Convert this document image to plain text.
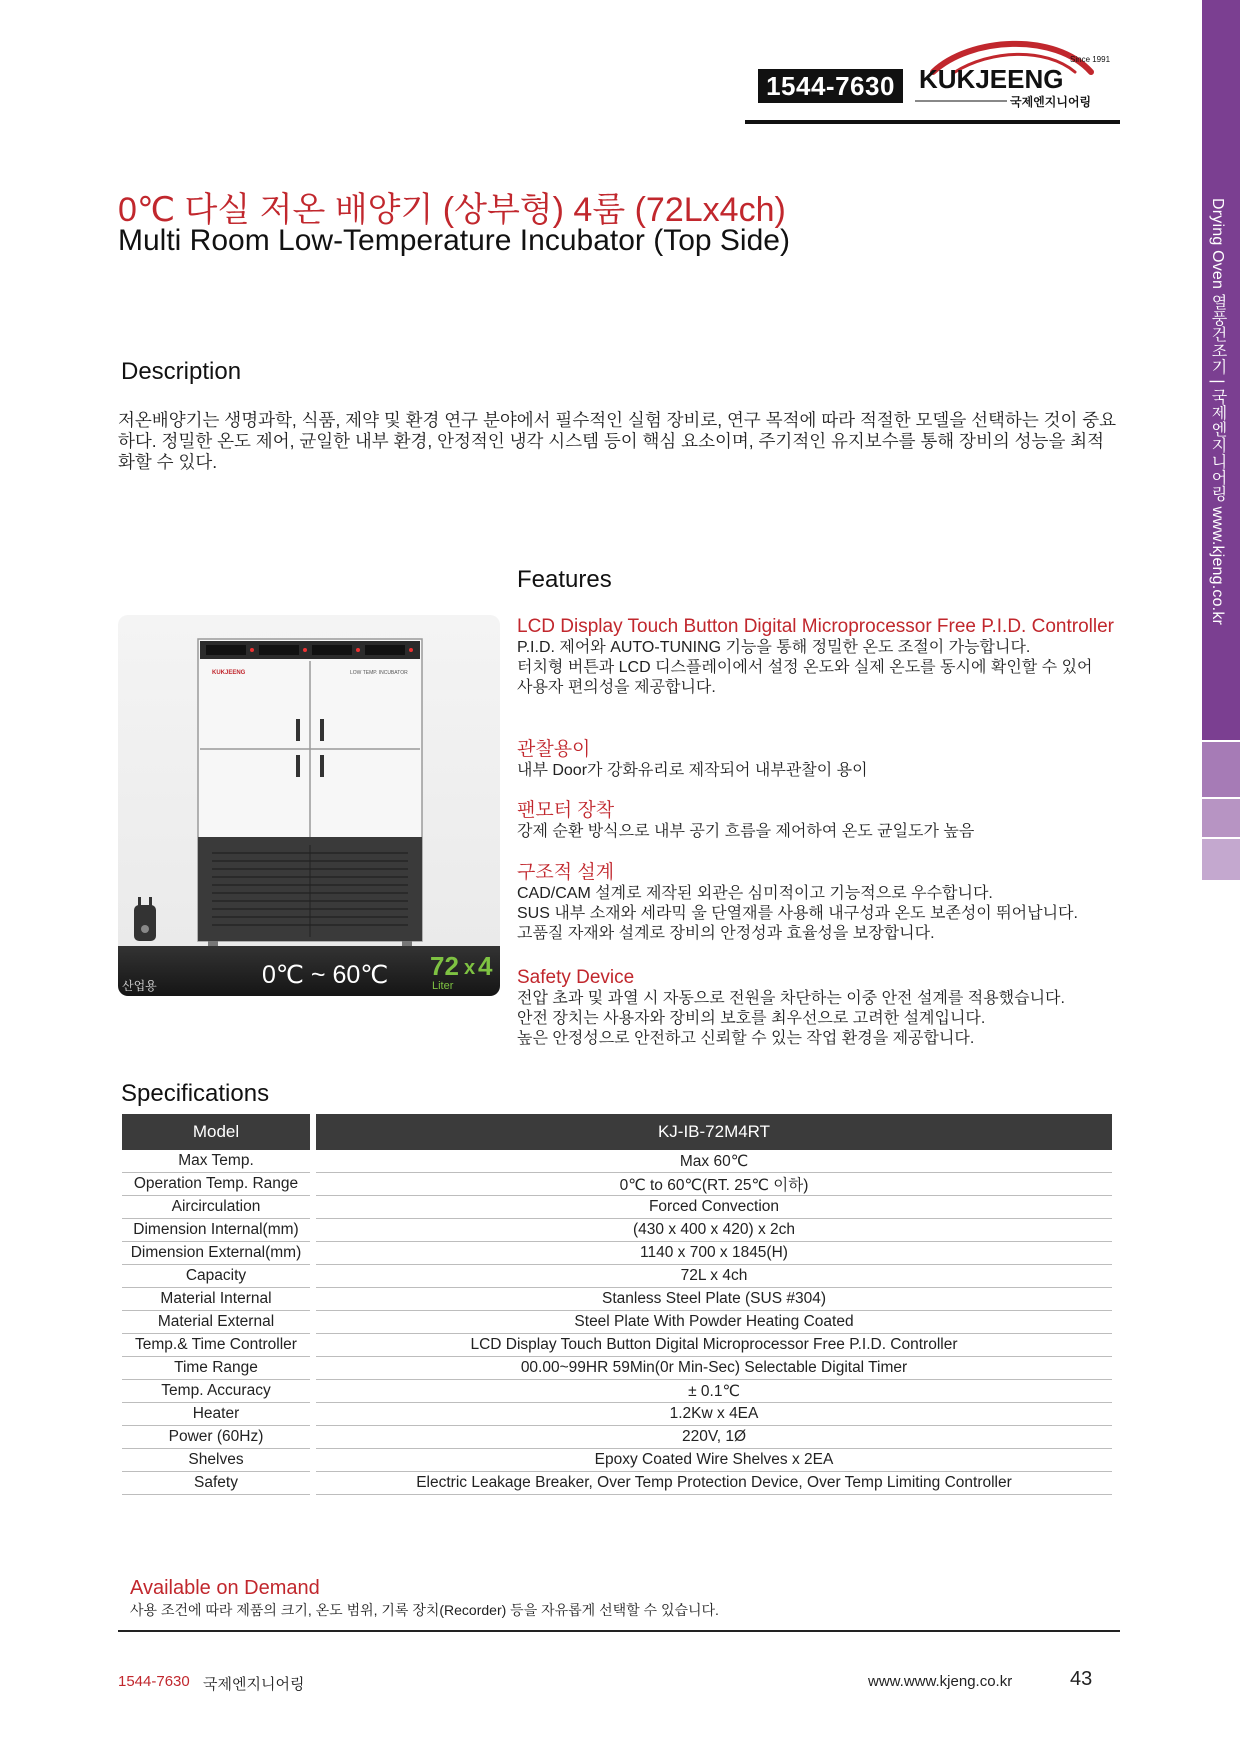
Drying Oven 열풍건조기 | 국제엔지니어링 www.kjeng.co.kr
1544-7630
Since 1991
KUKJEENG
국제엔지니어링
0℃ 다실 저온 배양기 (상부형) 4룸 (72Lx4ch)
Multi Room Low-Temperature Incubator (Top Side)
Description
저온배양기는 생명과학, 식품, 제약 및 환경 연구 분야에서 필수적인 실험 장비로, 연구 목적에 따라 적절한 모델을 선택하는 것이 중요하다. 정밀한 온도 제어, 균일한 내부 환경, 안정적인 냉각 시스템 등이 핵심 요소이며, 주기적인 유지보수를 통해 장비의 성능을 최적화할 수 있다.
KUKJEENG	LOW TEMP. INCUBATOR
산업용	0℃ ~ 60℃ 72 x 4
Liter
Features
LCD Display Touch Button Digital Microprocessor Free P.I.D. Controller
P.I.D. 제어와 AUTO-TUNING 기능을 통해 정밀한 온도 조절이 가능합니다.
터치형 버튼과 LCD 디스플레이에서 설정 온도와 실제 온도를 동시에 확인할 수 있어
사용자 편의성을 제공합니다.
관찰용이
내부 Door가 강화유리로 제작되어 내부관찰이 용이
팬모터 장착
강제 순환 방식으로 내부 공기 흐름을 제어하여 온도 균일도가 높음
구조적 설계
CAD/CAM 설계로 제작된 외관은 심미적이고 기능적으로 우수합니다.
SUS 내부 소재와 세라믹 울 단열재를 사용해 내구성과 온도 보존성이 뛰어납니다.
고품질 자재와 설계로 장비의 안정성과 효율성을 보장합니다.
Safety Device
전압 초과 및 과열 시 자동으로 전원을 차단하는 이중 안전 설계를 적용했습니다.
안전 장치는 사용자와 장비의 보호를 최우선으로 고려한 설계입니다.
높은 안정성으로 안전하고 신뢰할 수 있는 작업 환경을 제공합니다.
Specifications
Model		KJ-IB-72M4RT
Max Temp.		Max 60℃
Operation Temp. Range		0℃ to 60℃(RT. 25℃ 이하)
Aircirculation		Forced Convection
Dimension Internal(mm)		(430 x 400 x 420) x 2ch
Dimension External(mm)		1140 x 700 x 1845(H)
Capacity		72L x 4ch
Material Internal		Stanless Steel Plate (SUS #304)
Material External		Steel Plate With Powder Heating Coated
Temp.& Time Controller		LCD Display Touch Button Digital Microprocessor Free P.I.D. Controller
Time Range		00.00~99HR 59Min(0r Min-Sec) Selectable Digital Timer
Temp. Accuracy		± 0.1℃
Heater		1.2Kw x 4EA
Power (60Hz)		220V, 1Ø
Shelves		Epoxy Coated Wire Shelves x 2EA
Safety		Electric Leakage Breaker, Over Temp Protection Device, Over Temp Limiting Controller
Available on Demand
사용 조건에 따라 제품의 크기, 온도 범위, 기록 장치(Recorder) 등을 자유롭게 선택할 수 있습니다.
1544-7630 국제엔지니어링	www.www.kjeng.co.kr	43
